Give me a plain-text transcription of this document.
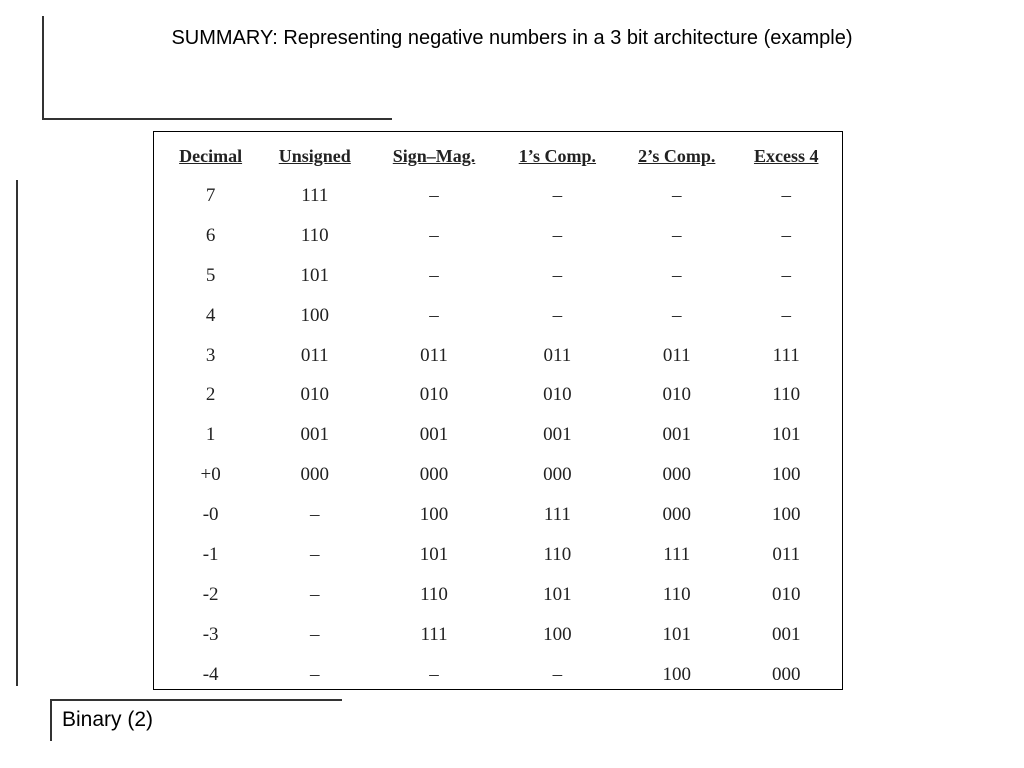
SUMMARY: Representing negative numbers in a 3 bit architecture (example)
Decimal	Unsigned	Sign–Mag.	1’s Comp.	2’s Comp.	Excess 4
7	111	–	–	–	–
6	110	–	–	–	–
5	101	–	–	–	–
4	100	–	–	–	–
3	011	011	011	011	111
2	010	010	010	010	110
1	001	001	001	001	101
+0	000	000	000	000	100
-0	–	100	111	000	100
-1	–	101	110	111	011
-2	–	110	101	110	010
-3	–	111	100	101	001
-4	–	–	–	100	000
Binary (2)
